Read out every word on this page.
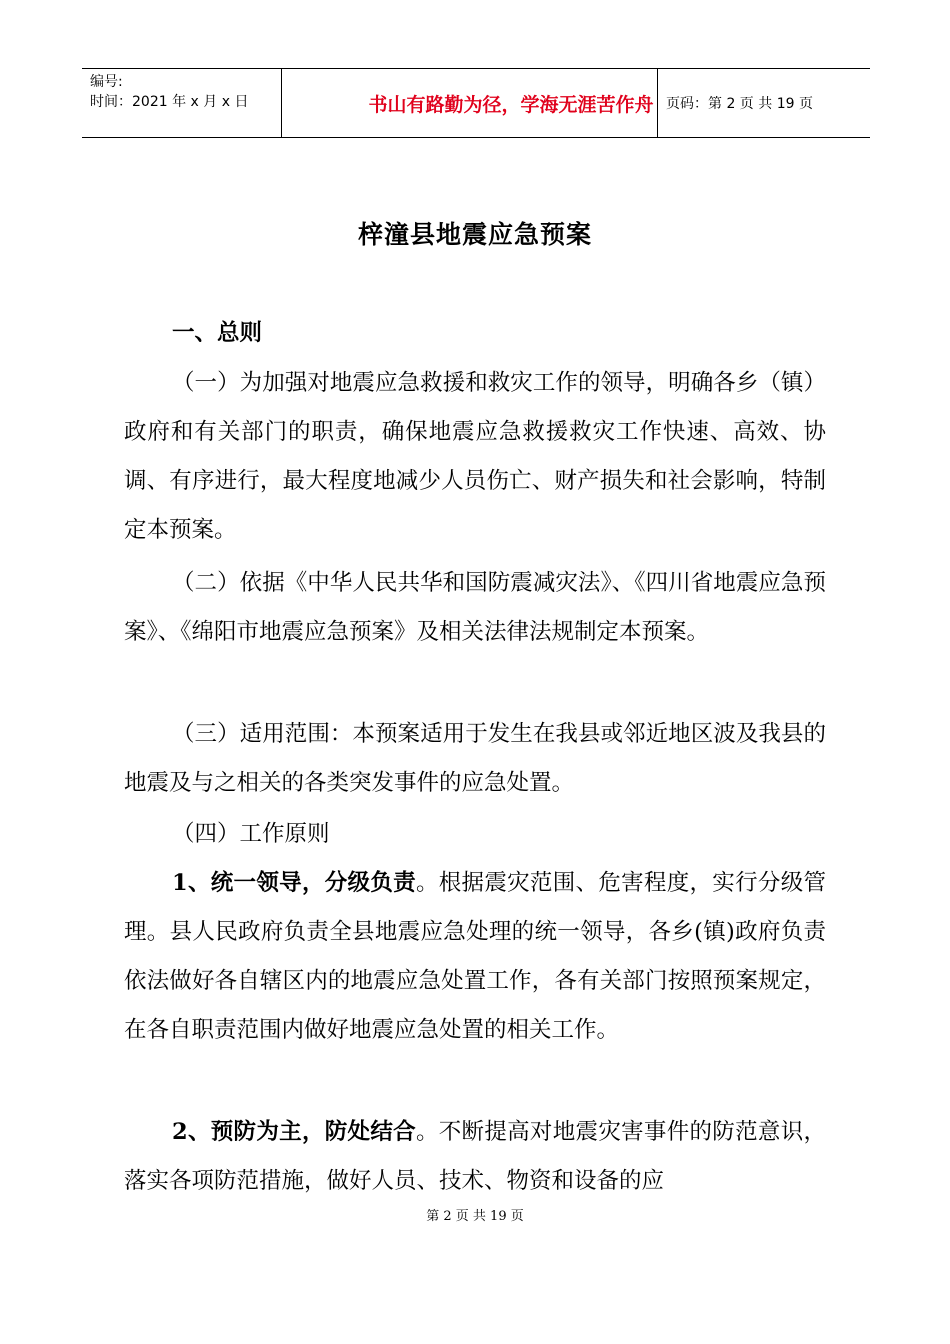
编号:
时间：2021 年 x 月 x 日	书山有路勤为径，学海无涯苦作舟 页码：第 2 页 共 19 页
梓潼县地震应急预案
一、总则
（一）为加强对地震应急救援和救灾工作的领导，明确各乡（镇）政府和有关部门的职责，确保地震应急救援救灾工作快速、高效、协调、有序进行，最大程度地减少人员伤亡、财产损失和社会影响，特制定本预案。
（二）依据《中华人民共华和国防震减灾法》、《四川省地震应急预案》、《绵阳市地震应急预案》及相关法律法规制定本预案。
（三）适用范围：本预案适用于发生在我县或邻近地区波及我县的地震及与之相关的各类突发事件的应急处置。
（四）工作原则
1、统一领导，分级负责。根据震灾范围、危害程度，实行分级管理。县人民政府负责全县地震应急处理的统一领导，各乡(镇)政府负责依法做好各自辖区内的地震应急处置工作，各有关部门按照预案规定，在各自职责范围内做好地震应急处置的相关工作。
2、预防为主，防处结合。不断提高对地震灾害事件的防范意识，落实各项防范措施，做好人员、技术、物资和设备的应
第 2 页 共 19 页
